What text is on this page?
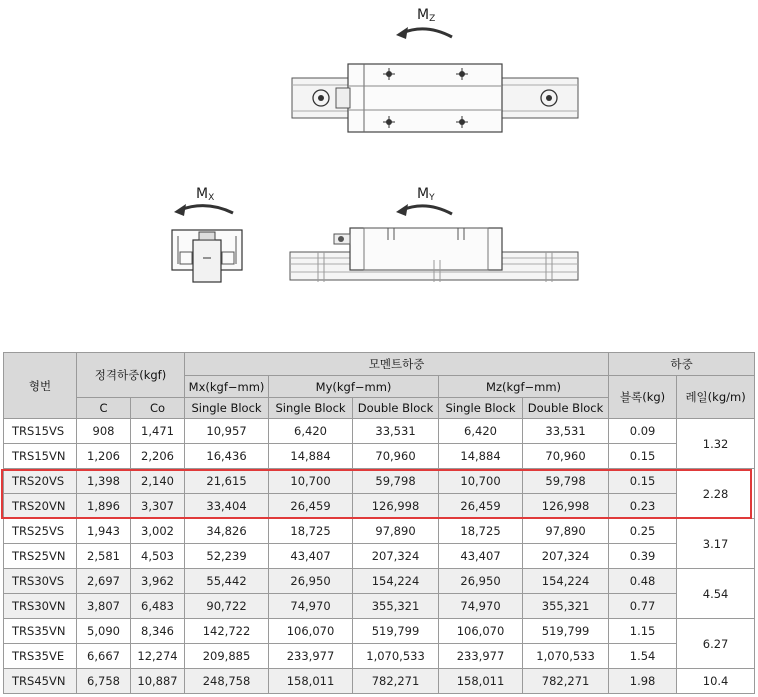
MZ
MX	MY
형번	정격하중(kgf)		모멘트하중					하중	
			Mx(kgf−mm)	My(kgf−mm)		Mz(kgf−mm)		블록(kg)	레일(kg/m)
	C	Co	Single Block	Single Block	Double Block	Single Block	Double Block		
TRS15VS	908	1,471	10,957	6,420	33,531	6,420	33,531	0.09	1.32
TRS15VN	1,206	2,206	16,436	14,884	70,960	14,884	70,960	0.15	
TRS20VS	1,398	2,140	21,615	10,700	59,798	10,700	59,798	0.15	2.28
TRS20VN	1,896	3,307	33,404	26,459	126,998	26,459	126,998	0.23	
TRS25VS	1,943	3,002	34,826	18,725	97,890	18,725	97,890	0.25	3.17
TRS25VN	2,581	4,503	52,239	43,407	207,324	43,407	207,324	0.39	
TRS30VS	2,697	3,962	55,442	26,950	154,224	26,950	154,224	0.48	4.54
TRS30VN	3,807	6,483	90,722	74,970	355,321	74,970	355,321	0.77	
TRS35VN	5,090	8,346	142,722	106,070	519,799	106,070	519,799	1.15	6.27
TRS35VE	6,667	12,274	209,885	233,977	1,070,533	233,977	1,070,533	1.54	
TRS45VN	6,758	10,887	248,758	158,011	782,271	158,011	782,271	1.98	10.4
